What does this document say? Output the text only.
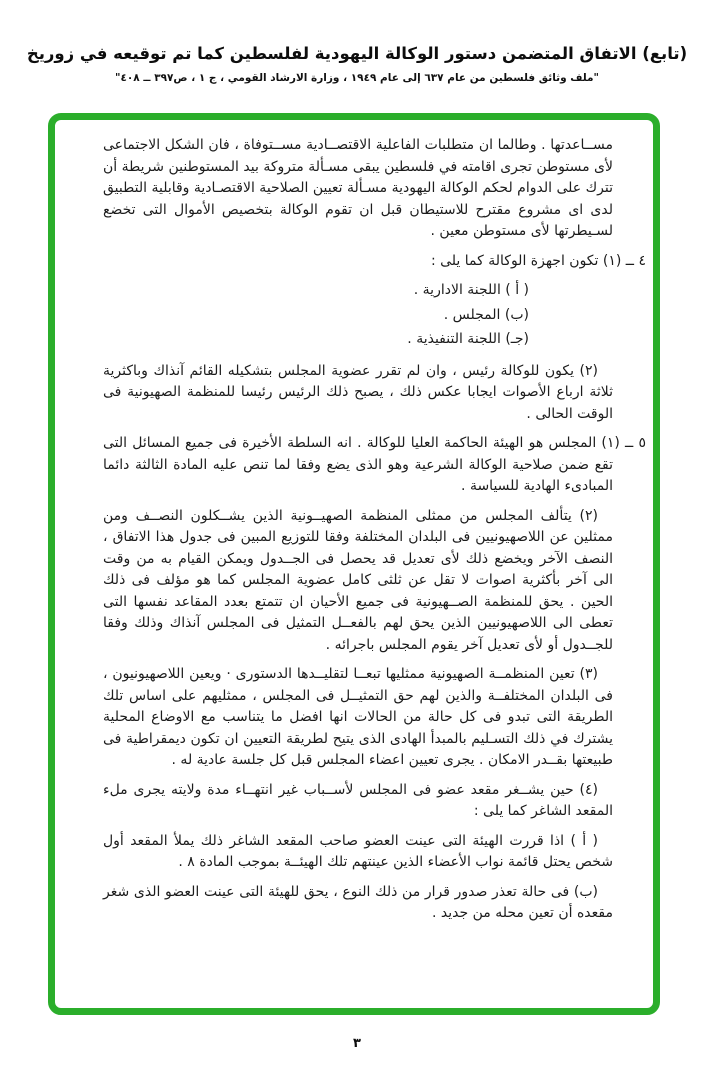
(تابع) الاتفاق المتضمن دستور الوكالة اليهودية لفلسطين كما تم توقيعه في زوريخ
"ملف وثائق فلسطين من عام ٦٣٧ إلى عام ١٩٤٩ ، وزارة الارشاد القومي ، ج ١ ، ص٣٩٧ ــ ٤٠٨"

مســاعدتها . وطالما ان متطلبات الفاعلية الاقتصــادية مســتوفاة ، فان الشكل الاجتماعى لأى مستوطن تجرى اقامته في فلسطين يبقى مسـألة متروكة بيد المستوطنين شريطة أن تترك على الدوام لحكم الوكالة اليهودية مسـألة تعيين الصلاحية الاقتصـادية وقابلية التطبيق لدى اى مشروع مقترح للاستيطان قبل ان تقوم الوكالة بتخصيص الأموال التى تخضع لسـيطرتها لأى مستوطن معين .

٤ ــ (١) تكون اجهزة الوكالة كما يلى :

( أ ) اللجنة الادارية .

(ب) المجلس .

(جـ) اللجنة التنفيذية .

(٢) يكون للوكالة رئيس ، وان لم تقرر عضوية المجلس بتشكيله القائم آنذاك وباكثرية ثلاثة ارباع الأصوات ايجابا عكس ذلك ، يصبح ذلك الرئيس رئيسا للمنظمة الصهيونية فى الوقت الحالى .

٥ ــ (١) المجلس هو الهيئة الحاكمة العليا للوكالة . انه السلطة الأخيرة فى جميع المسائل التى تقع ضمن صلاحية الوكالة الشرعية وهو الذى يضع وفقا لما تنص عليه المادة الثالثة دائما المبادىء الهادية للسياسة .

(٢) يتألف المجلس من ممثلى المنظمة الصهيــونية الذين يشــكلون النصــف ومن ممثلين عن اللاصهيونيين فى البلدان المختلفة وفقا للتوزيع المبين فى جدول هذا الاتفاق ، النصف الآخر ويخضع ذلك لأى تعديل قد يحصل فى الجــدول ويمكن القيام به من وقت الى آخر بأكثرية اصوات لا تقل عن ثلثى كامل عضوية المجلس كما هو مؤلف فى ذلك الحين . يحق للمنظمة الصــهيونية فى جميع الأحيان ان تتمتع بعدد المقاعد نفسها التى تعطى الى اللاصهيونيين الذين يحق لهم بالفعــل التمثيل فى المجلس آنذاك وذلك وفقا للجــدول أو لأى تعديل آخر يقوم المجلس باجرائه .

(٣) تعين المنظمــة الصهيونية ممثليها تبعــا لتقليــدها الدستورى · ويعين اللاصهيونيون ، فى البلدان المختلفــة والذين لهم حق التمثيــل فى المجلس ، ممثليهم على اساس تلك الطريقة التى تبدو فى كل حالة من الحالات انها افضل ما يتناسب مع الاوضاع المحلية يشترك في ذلك التسـليم بالمبدأ الهادى الذى يتيح لطريقة التعيين ان تكون ديمقراطية فى طبيعتها بقــدر الامكان . يجرى تعيين اعضاء المجلس قبل كل جلسة عادية له .

(٤) حين يشــغر مقعد عضو فى المجلس لأســباب غير انتهــاء مدة ولايته يجرى ملء المقعد الشاغر كما يلى :

( أ ) اذا قررت الهيئة التى عينت العضو صاحب المقعد الشاغر ذلك يملأ المقعد أول شخص يحتل قائمة نواب الأعضاء الذين عينتهم تلك الهيئــة بموجب المادة ٨ .

(ب) فى حالة تعذر صدور قرار من ذلك النوع ، يحق للهيئة التى عينت العضو الذى شغر مقعده أن تعين محله من جديد .

٣
